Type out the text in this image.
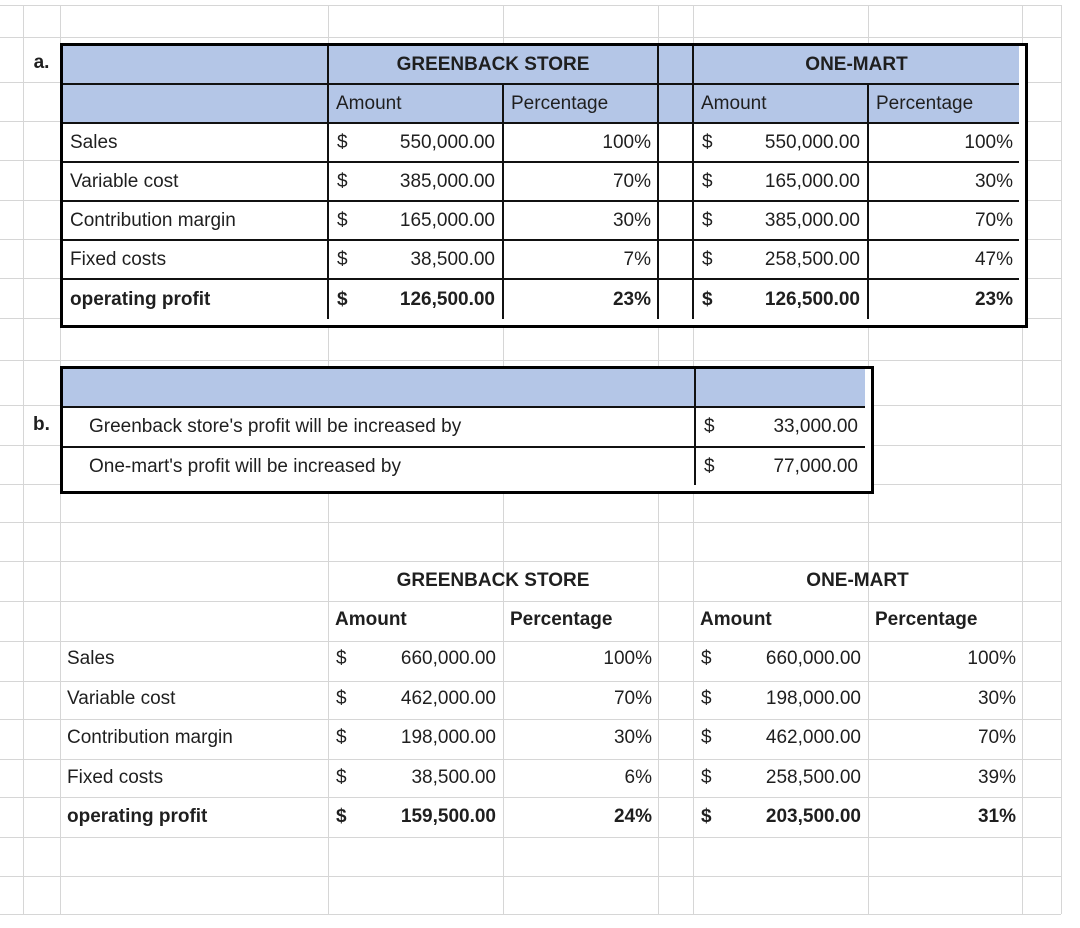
a.
b.
GREENBACK STORE	ONE-MART
Amount	Percentage	Amount	Percentage
Sales	$	550,000.00	100%	$	550,000.00	100%
Variable cost	$	385,000.00	70%	$	165,000.00	30%
Contribution margin	$	165,000.00	30%	$	385,000.00	70%
Fixed costs	$	38,500.00	7%	$	258,500.00	47%
operating profit	$	126,500.00	23%	$	126,500.00	23%
Greenback store's profit will be increased by	$	33,000.00
One-mart's profit will be increased by	$	77,000.00
GREENBACK STORE	ONE-MART
Amount	Percentage	Amount	Percentage
Sales	$	660,000.00	100%	$	660,000.00	100%
Variable cost	$	462,000.00	70%	$	198,000.00	30%
Contribution margin	$	198,000.00	30%	$	462,000.00	70%
Fixed costs	$	38,500.00	6%	$	258,500.00	39%
operating profit	$	159,500.00	24%	$	203,500.00	31%
